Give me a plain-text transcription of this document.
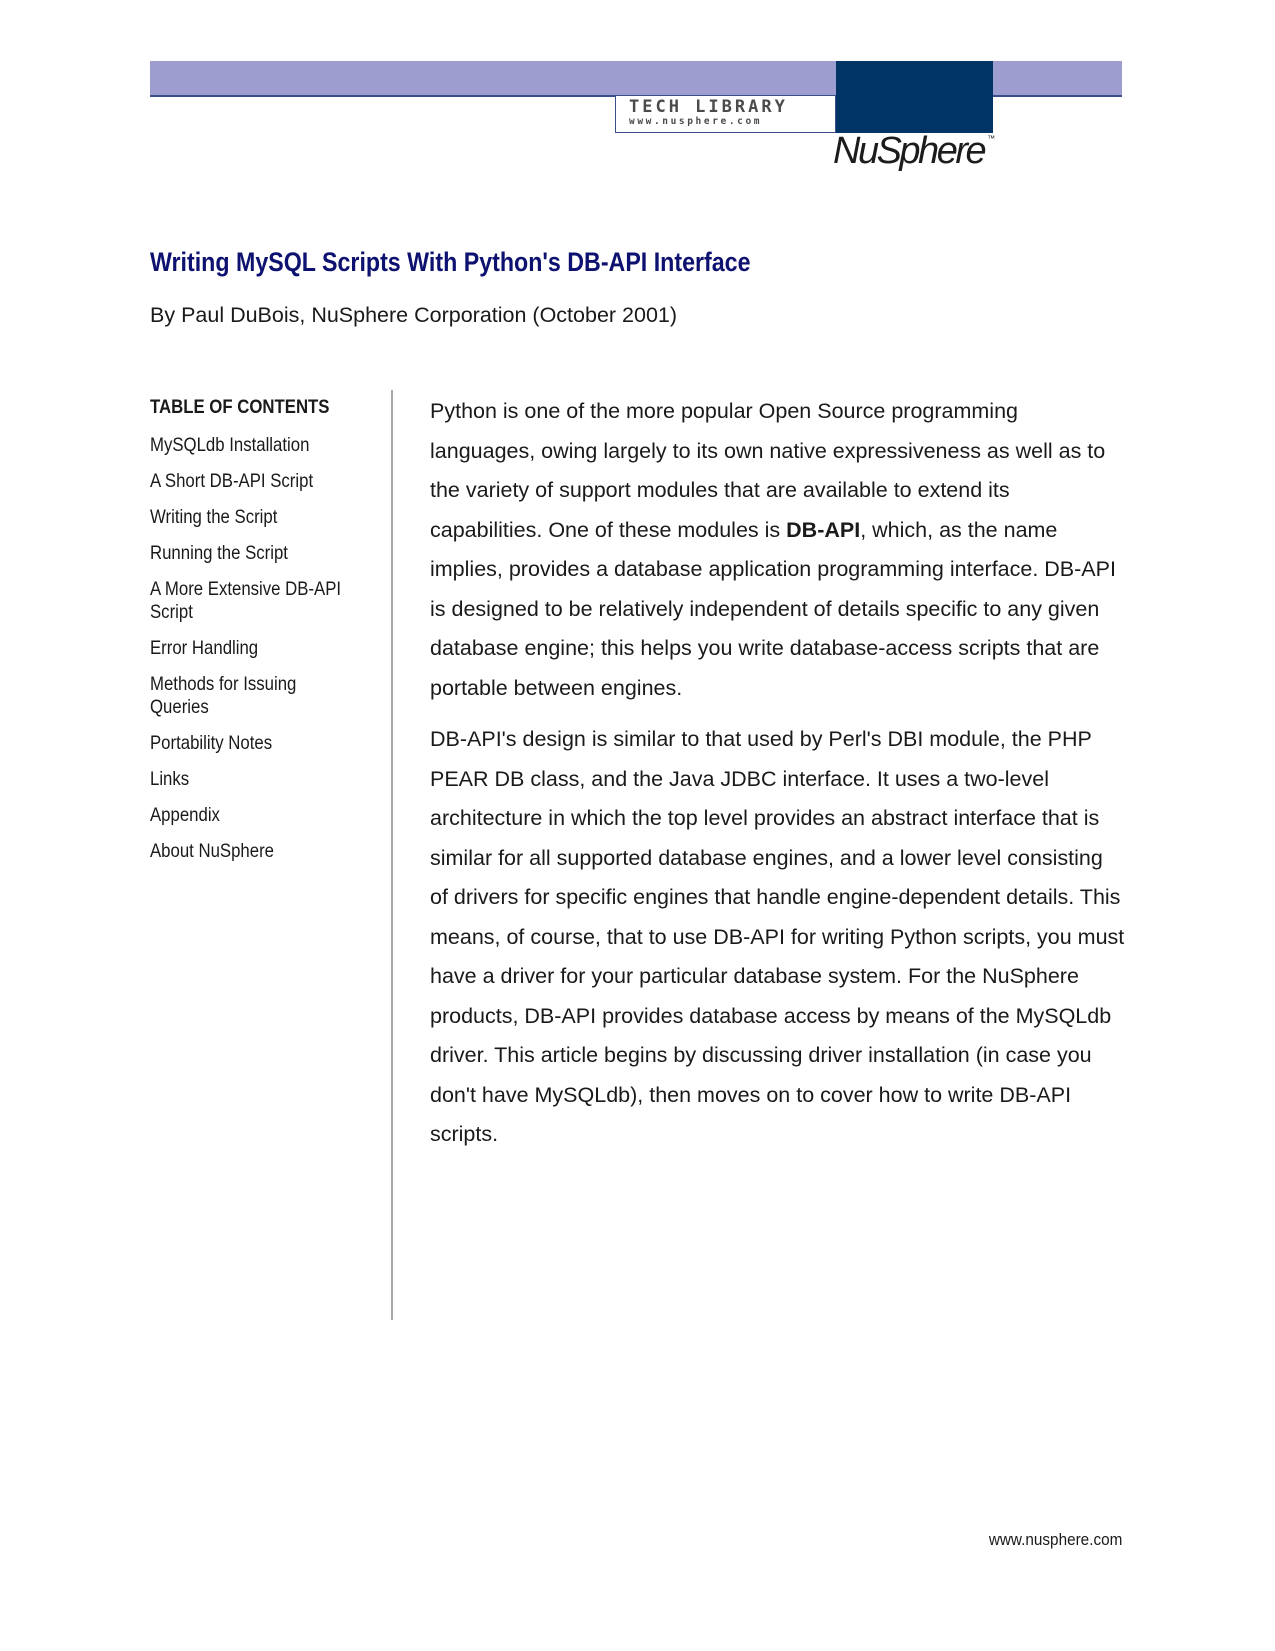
TECH LIBRARY
www.nusphere.com
NuSphere ™
Writing MySQL Scripts With Python's DB-API Interface
By Paul DuBois, NuSphere Corporation (October 2001)
TABLE OF CONTENTS
MySQLdb Installation
A Short DB-API Script
Writing the Script
Running the Script
A More Extensive DB-API Script
Error Handling
Methods for Issuing Queries
Portability Notes
Links
Appendix
About NuSphere

Python is one of the more popular Open Source programming languages, owing largely to its own native expressiveness as well as to the variety of support modules that are available to extend its capabilities. One of these modules is DB-API, which, as the name implies, provides a database application programming interface. DB-API is designed to be relatively independent of details specific to any given database engine; this helps you write database-access scripts that are portable between engines.

DB-API's design is similar to that used by Perl's DBI module, the PHP PEAR DB class, and the Java JDBC interface. It uses a two-level architecture in which the top level provides an abstract interface that is similar for all supported database engines, and a lower level consisting of drivers for specific engines that handle engine-dependent details. This means, of course, that to use DB-API for writing Python scripts, you must have a driver for your particular database system. For the NuSphere products, DB-API provides database access by means of the MySQLdb driver. This article begins by discussing driver installation (in case you don't have MySQLdb), then moves on to cover how to write DB-API scripts.

www.nusphere.com
